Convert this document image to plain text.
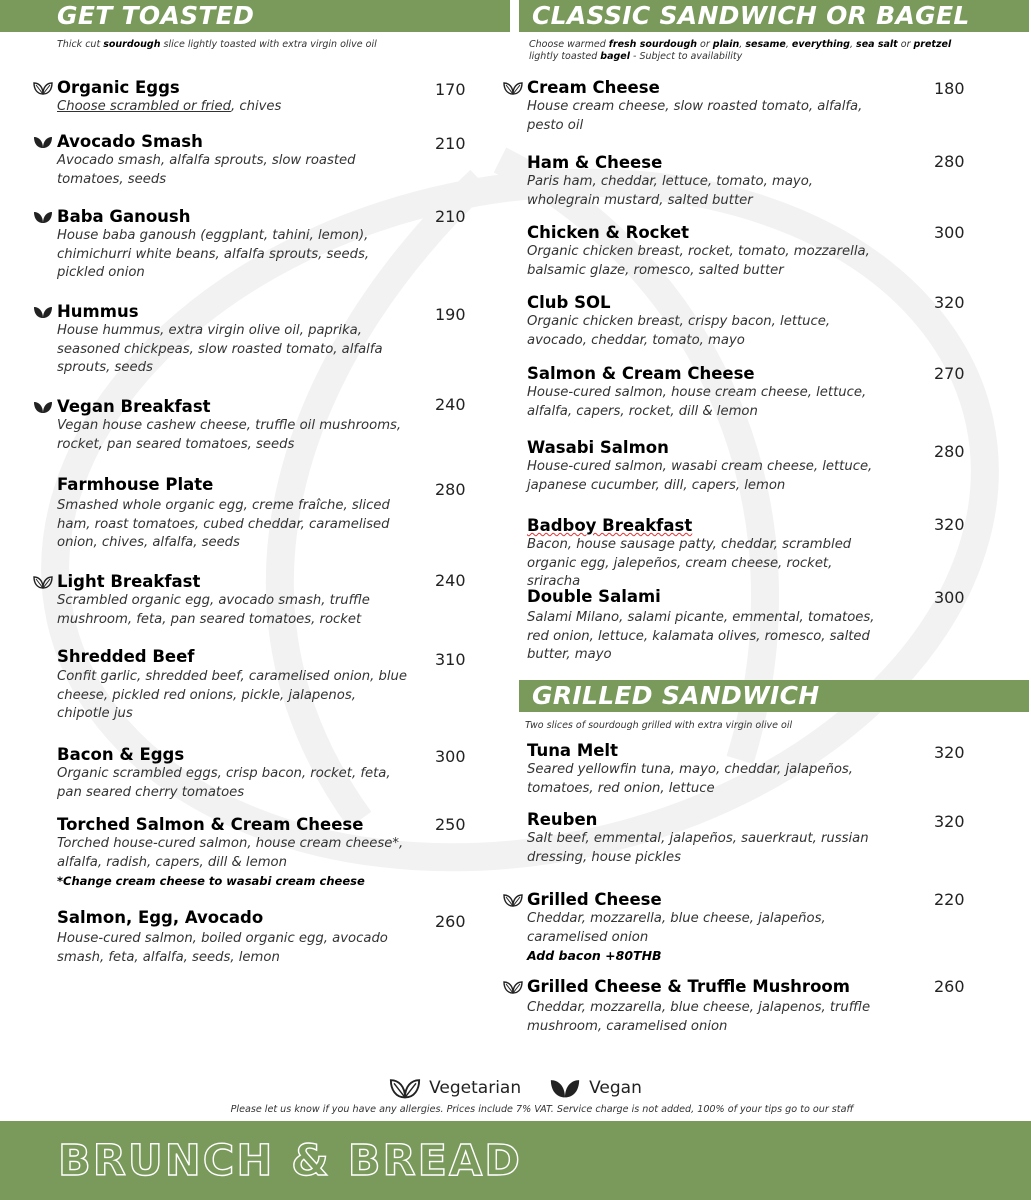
GET TOASTED
Thick cut sourdough slice lightly toasted with extra virgin olive oil
Organic Eggs
Choose scrambled or fried, chives
170
Avocado Smash
Avocado smash, alfalfa sprouts, slow roasted tomatoes, seeds
210
Baba Ganoush
House baba ganoush (eggplant, tahini, lemon), chimichurri white beans, alfalfa sprouts, seeds, pickled onion
210
Hummus
House hummus, extra virgin olive oil, paprika, seasoned chickpeas, slow roasted tomato, alfalfa sprouts, seeds
190
Vegan Breakfast
Vegan house cashew cheese, truffle oil mushrooms, rocket, pan seared tomatoes, seeds
240
Farmhouse Plate
Smashed whole organic egg, creme fraîche, sliced ham, roast tomatoes, cubed cheddar, caramelised onion, chives, alfalfa, seeds
280
Light Breakfast
Scrambled organic egg, avocado smash, truffle mushroom, feta, pan seared tomatoes, rocket
240
Shredded Beef
Confit garlic, shredded beef, caramelised onion, blue cheese, pickled red onions, pickle, jalapenos, chipotle jus
310
Bacon & Eggs
Organic scrambled eggs, crisp bacon, rocket, feta, pan seared cherry tomatoes
300
Torched Salmon & Cream Cheese
Torched house-cured salmon, house cream cheese*, alfalfa, radish, capers, dill & lemon
*Change cream cheese to wasabi cream cheese
250
Salmon, Egg, Avocado
House-cured salmon, boiled organic egg, avocado smash, feta, alfalfa, seeds, lemon
260
CLASSIC SANDWICH OR BAGEL
Choose warmed fresh sourdough or plain, sesame, everything, sea salt or pretzel lightly toasted bagel - Subject to availability
Cream Cheese
House cream cheese, slow roasted tomato, alfalfa, pesto oil
180
Ham & Cheese
Paris ham, cheddar, lettuce, tomato, mayo, wholegrain mustard, salted butter
280
Chicken & Rocket
Organic chicken breast, rocket, tomato, mozzarella, balsamic glaze, romesco, salted butter
300
Club SOL
Organic chicken breast, crispy bacon, lettuce, avocado, cheddar, tomato, mayo
320
Salmon & Cream Cheese
House-cured salmon, house cream cheese, lettuce, alfalfa, capers, rocket, dill & lemon
270
Wasabi Salmon
House-cured salmon, wasabi cream cheese, lettuce, japanese cucumber, dill, capers, lemon
280
Badboy Breakfast
Bacon, house sausage patty, cheddar, scrambled organic egg, jalepeños, cream cheese, rocket, sriracha
320
Double Salami
Salami Milano, salami picante, emmental, tomatoes, red onion, lettuce, kalamata olives, romesco, salted butter, mayo
300
GRILLED SANDWICH
Two slices of sourdough grilled with extra virgin olive oil
Tuna Melt
Seared yellowfin tuna, mayo, cheddar, jalapeños, tomatoes, red onion, lettuce
320
Reuben
Salt beef, emmental, jalapeños, sauerkraut, russian dressing, house pickles
320
Grilled Cheese
Cheddar, mozzarella, blue cheese, jalapeños, caramelised onion
Add bacon +80THB
220
Grilled Cheese & Truffle Mushroom
Cheddar, mozzarella, blue cheese, jalapenos, truffle mushroom, caramelised onion
260
Vegetarian	Vegan
Please let us know if you have any allergies. Prices include 7% VAT. Service charge is not added, 100% of your tips go to our staff
BRUNCH & BREAD
